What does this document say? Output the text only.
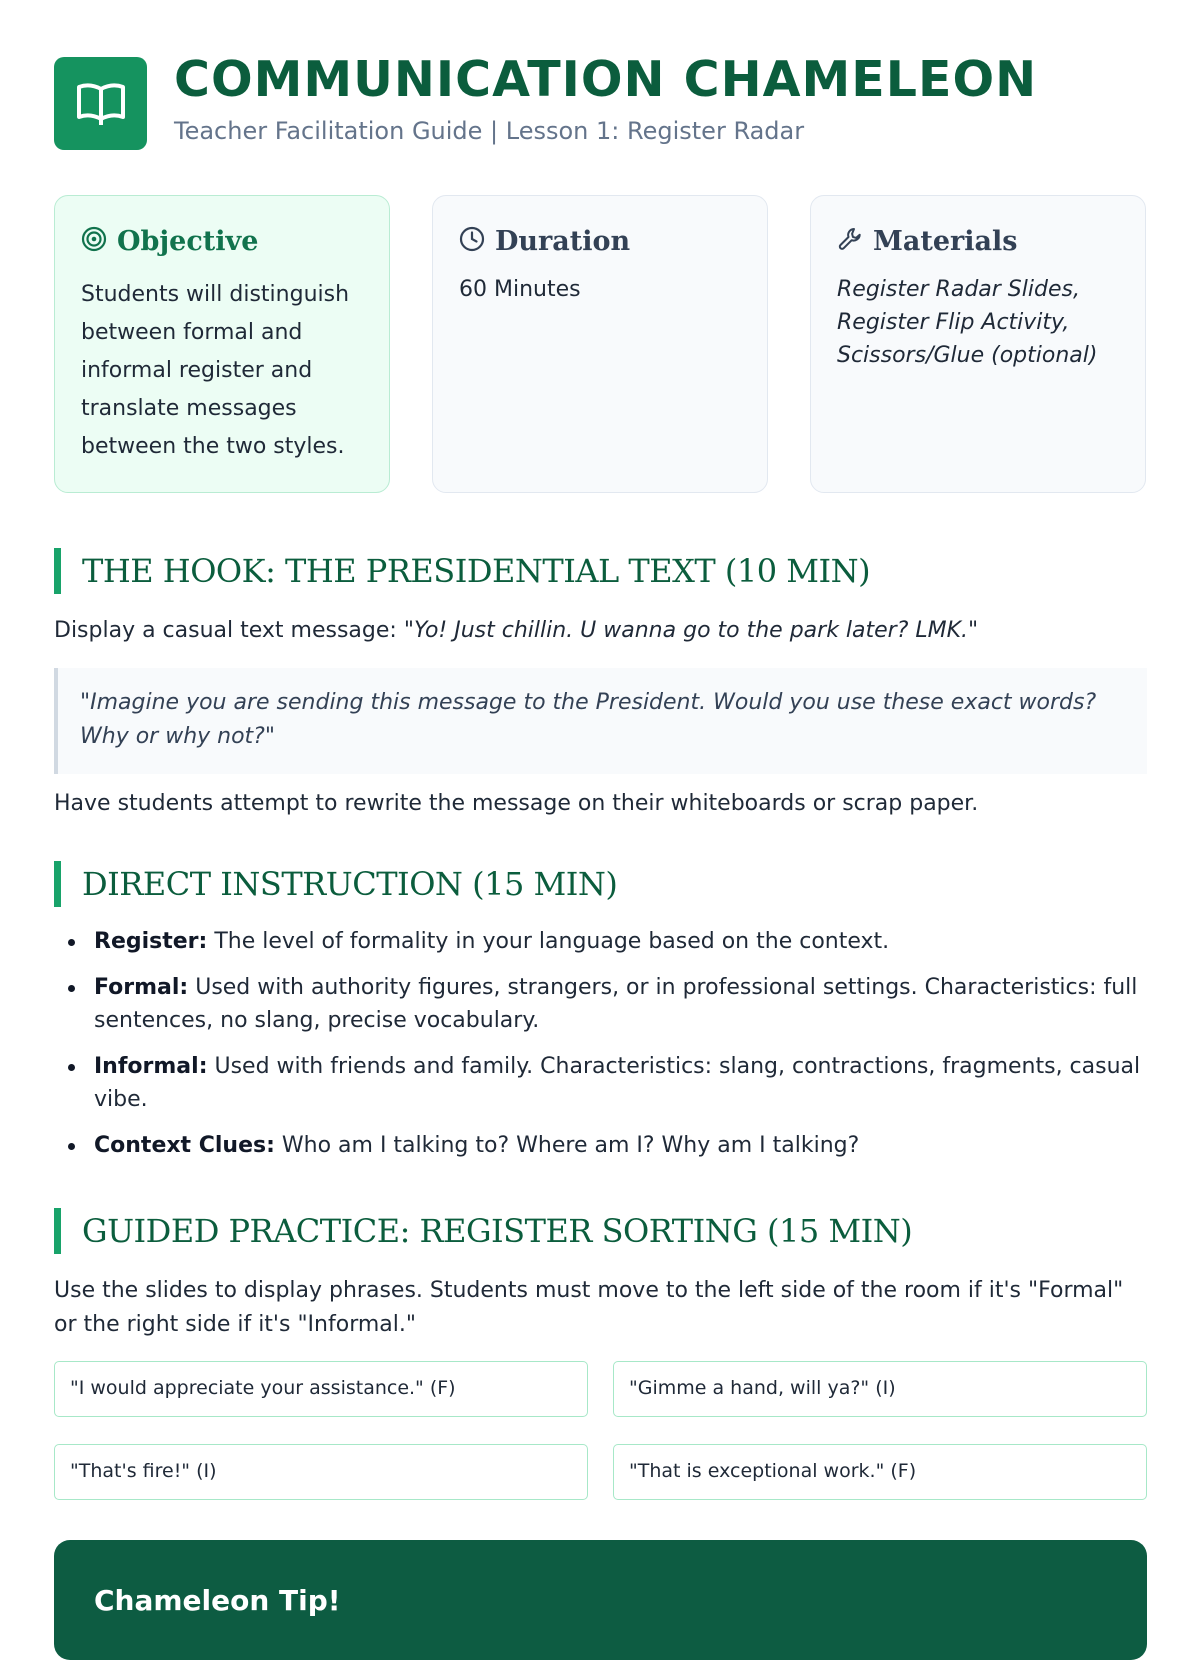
COMMUNICATION CHAMELEON
Teacher Facilitation Guide | Lesson 1: Register Radar
Objective
Students will distinguish between formal and informal register and translate messages between the two styles.
Duration
60 Minutes
Materials
Register Radar Slides, Register Flip Activity, Scissors/Glue (optional)
THE HOOK: THE PRESIDENTIAL TEXT (10 MIN)
Display a casual text message: "Yo! Just chillin. U wanna go to the park later? LMK."
"Imagine you are sending this message to the President. Would you use these exact words? Why or why not?"
Have students attempt to rewrite the message on their whiteboards or scrap paper.
DIRECT INSTRUCTION (15 MIN)
Register: The level of formality in your language based on the context.
Formal: Used with authority figures, strangers, or in professional settings. Characteristics: full sentences, no slang, precise vocabulary.
Informal: Used with friends and family. Characteristics: slang, contractions, fragments, casual vibe.
Context Clues: Who am I talking to? Where am I? Why am I talking?
GUIDED PRACTICE: REGISTER SORTING (15 MIN)
Use the slides to display phrases. Students must move to the left side of the room if it's "Formal" or the right side if it's "Informal."
"I would appreciate your assistance." (F)	"Gimme a hand, will ya?" (I)
"That's fire!" (I)	"That is exceptional work." (F)
Chameleon Tip!
